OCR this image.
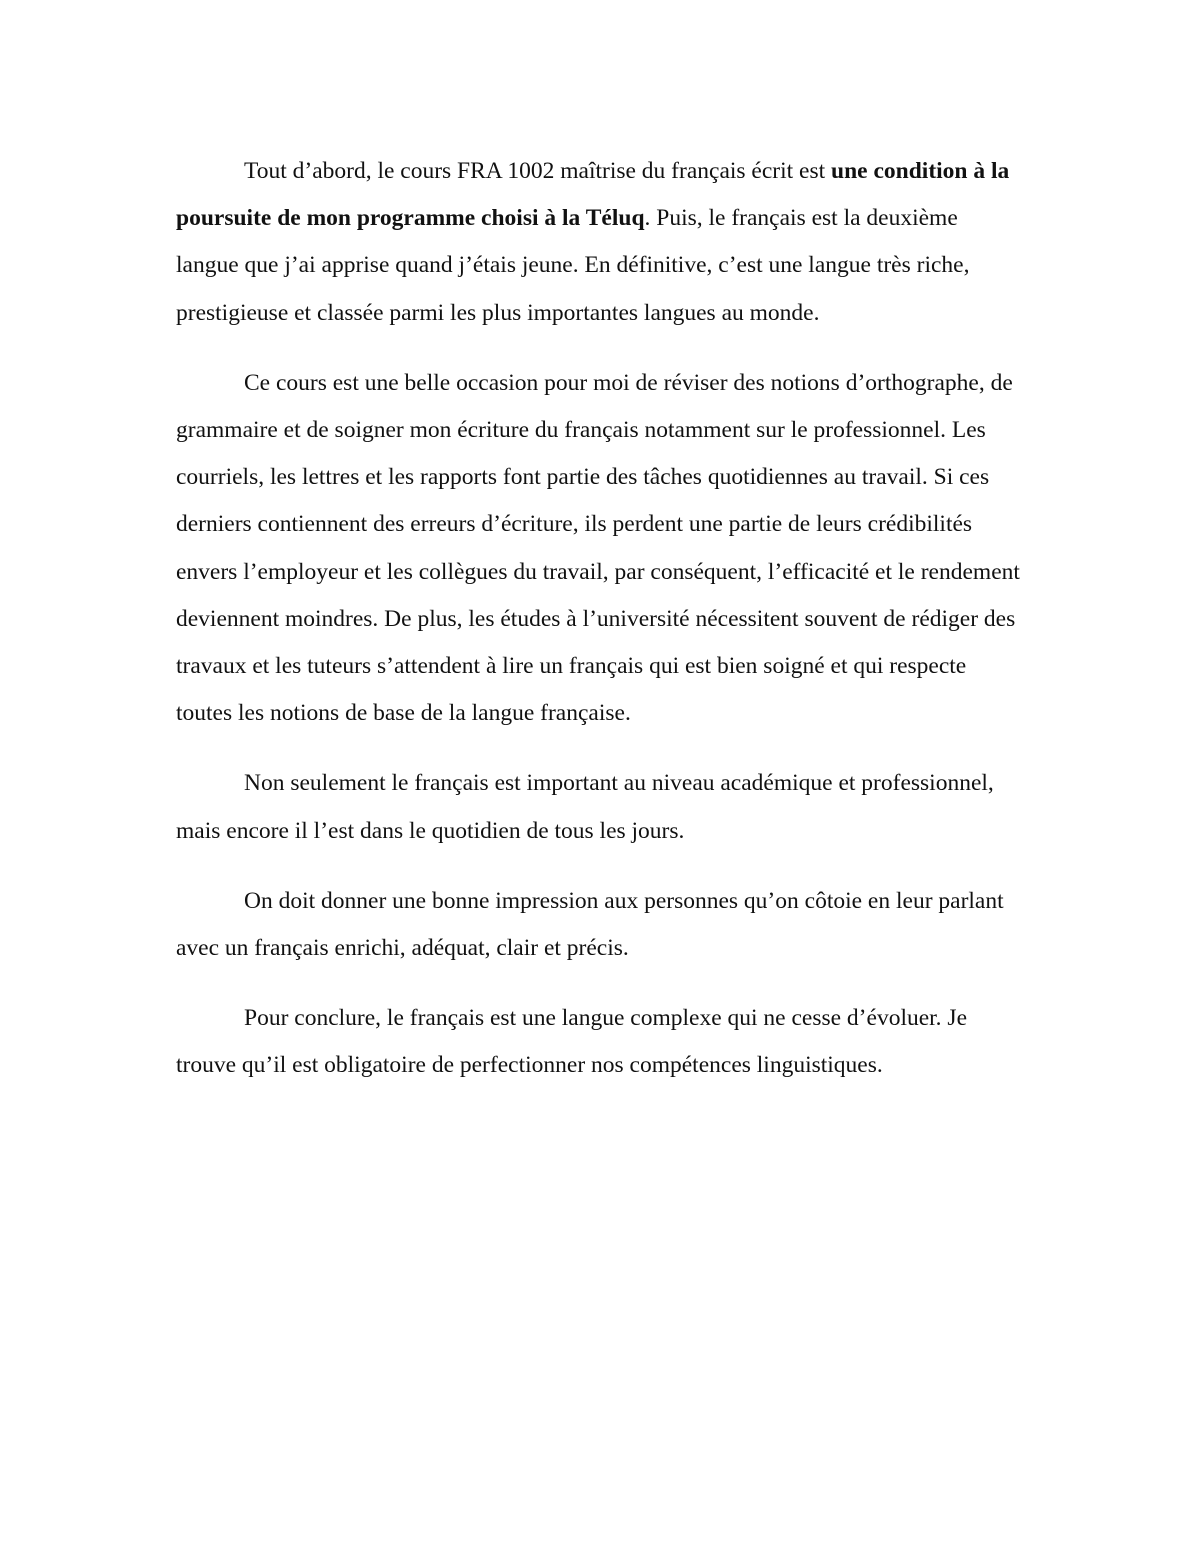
Tout d’abord, le cours FRA 1002 maîtrise du français écrit est une condition à la poursuite de mon programme choisi à la Téluq. Puis, le français est la deuxième langue que j’ai apprise quand j’étais jeune. En définitive, c’est une langue très riche, prestigieuse et classée parmi les plus importantes langues au monde.

Ce cours est une belle occasion pour moi de réviser des notions d’orthographe, de grammaire et de soigner mon écriture du français notamment sur le professionnel. Les courriels, les lettres et les rapports font partie des tâches quotidiennes au travail. Si ces derniers contiennent des erreurs d’écriture, ils perdent une partie de leurs crédibilités envers l’employeur et les collègues du travail, par conséquent, l’efficacité et le rendement deviennent moindres. De plus, les études à l’université nécessitent souvent de rédiger des travaux et les tuteurs s’attendent à lire un français qui est bien soigné et qui respecte toutes les notions de base de la langue française.

Non seulement le français est important au niveau académique et professionnel, mais encore il l’est dans le quotidien de tous les jours.

On doit donner une bonne impression aux personnes qu’on côtoie en leur parlant avec un français enrichi, adéquat, clair et précis.

Pour conclure, le français est une langue complexe qui ne cesse d’évoluer. Je trouve qu’il est obligatoire de perfectionner nos compétences linguistiques.
